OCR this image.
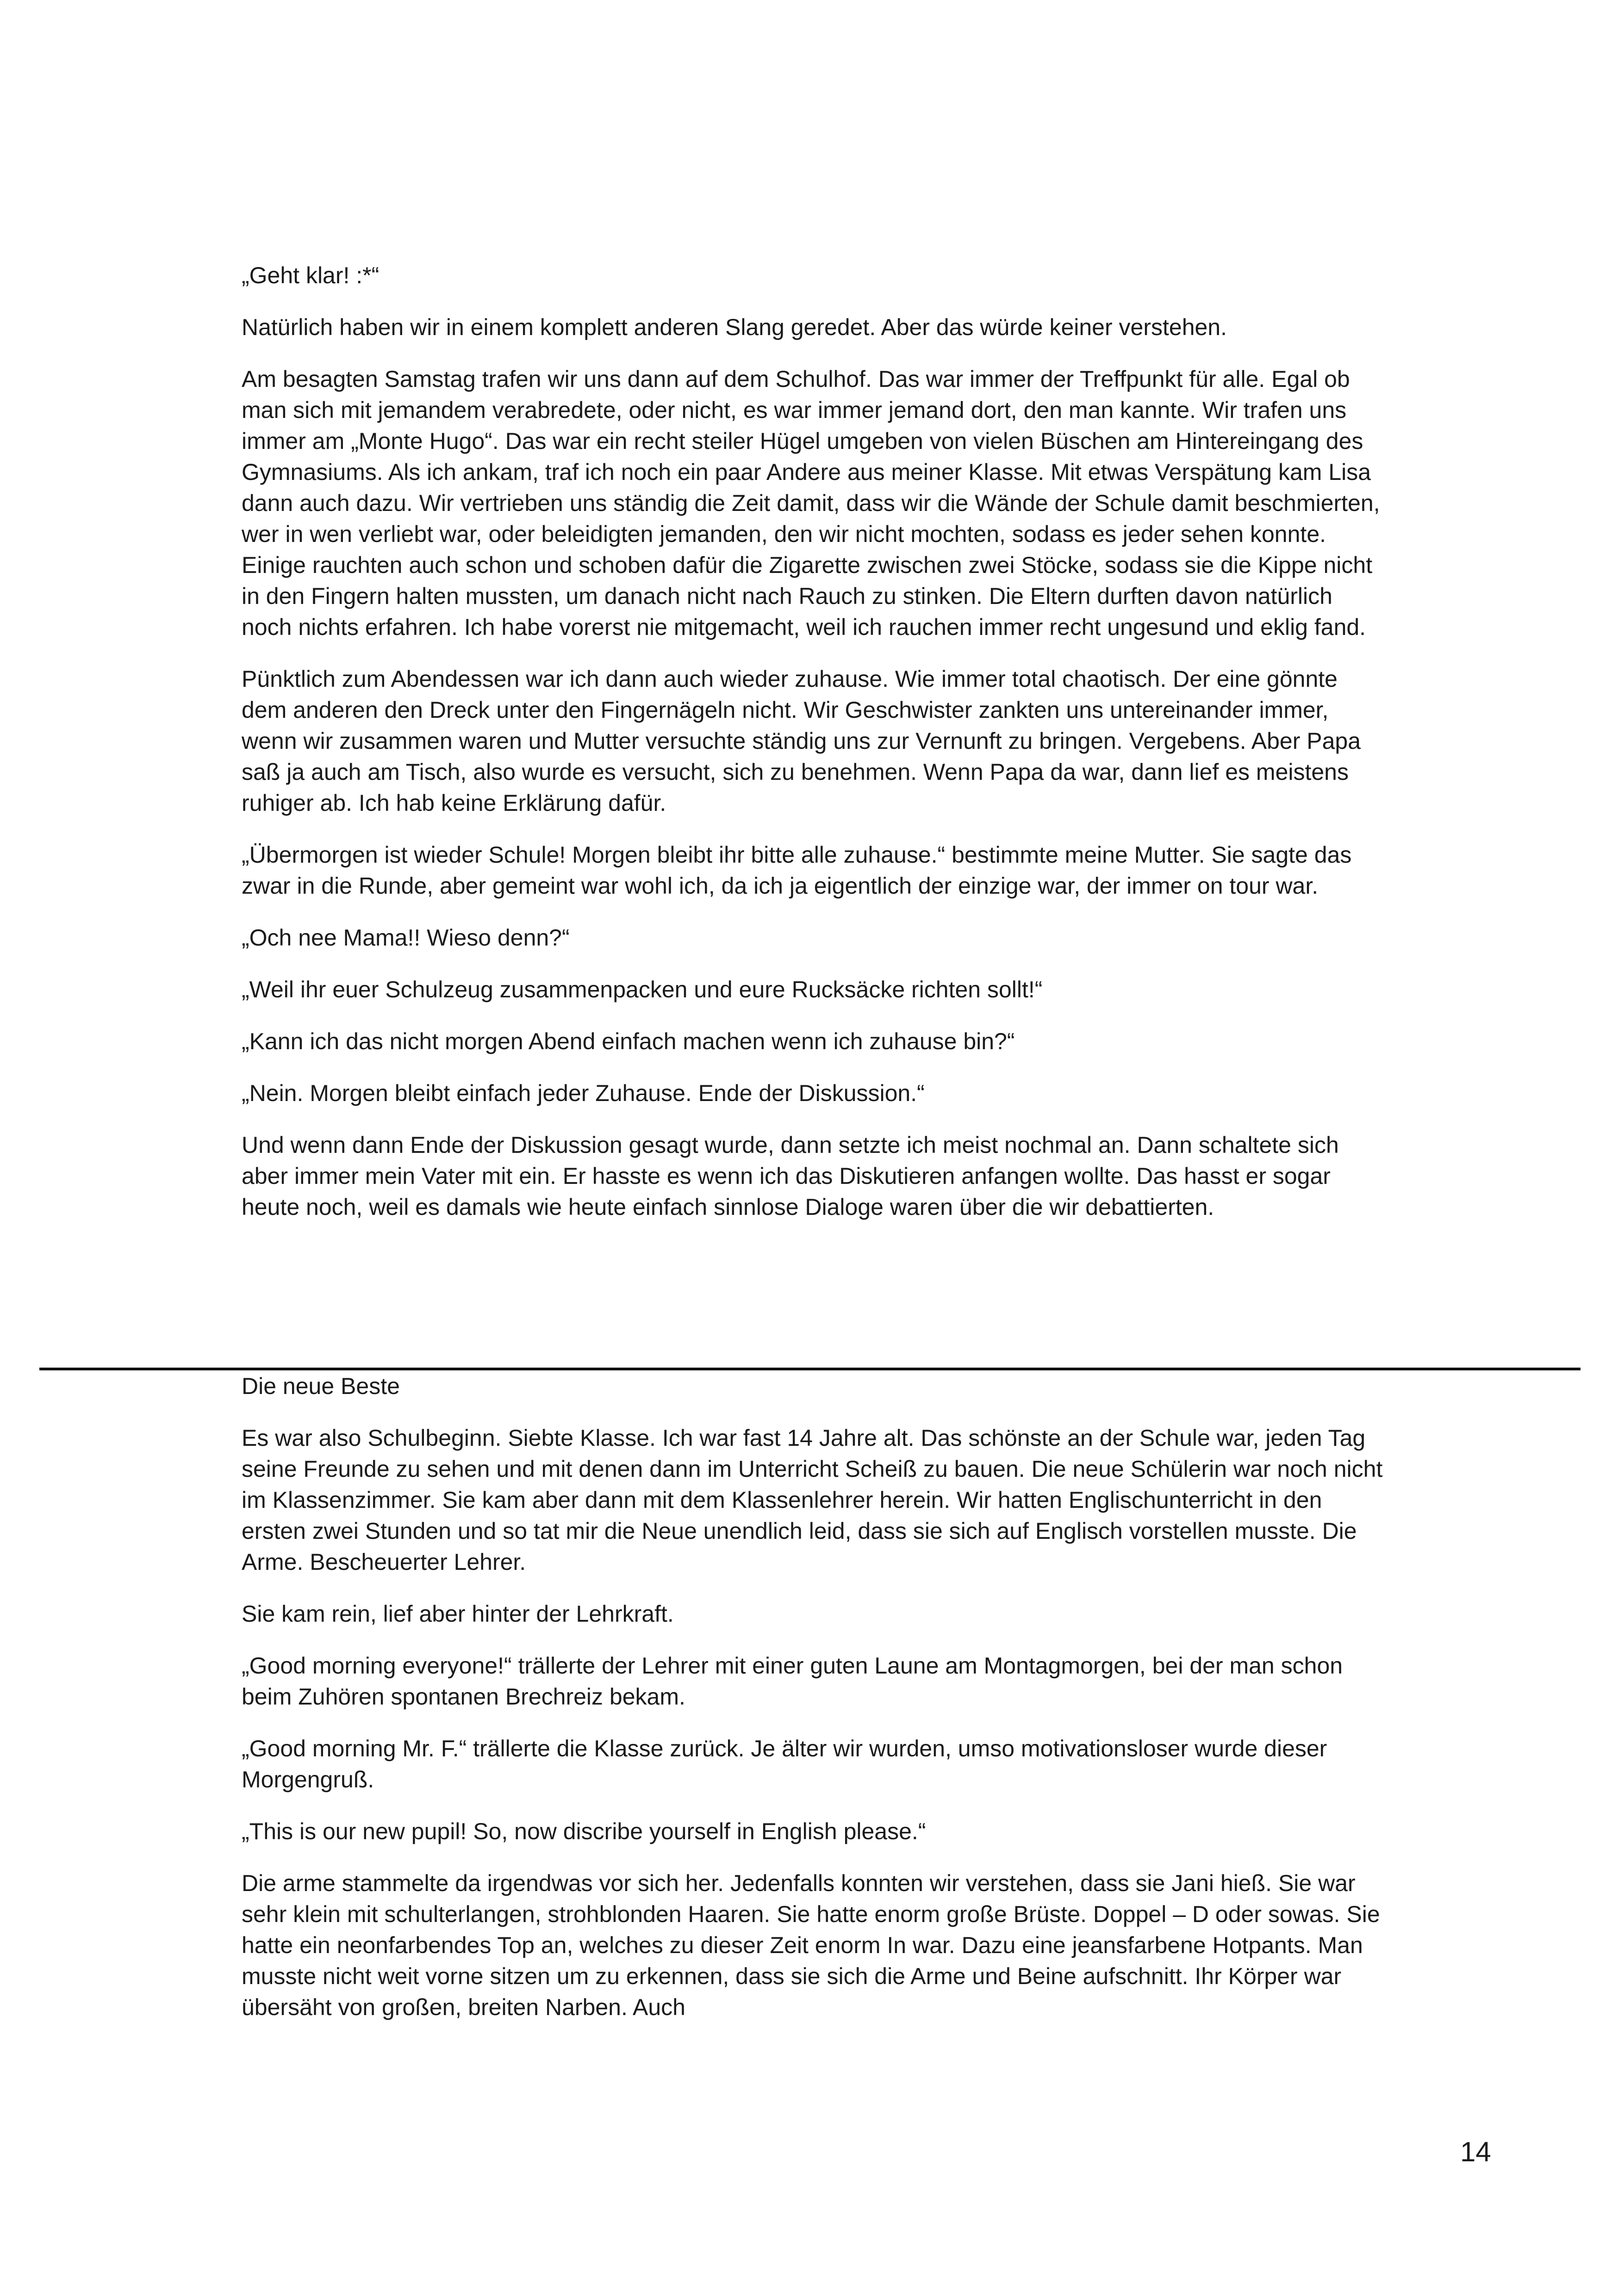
„Geht klar! :*“

Natürlich haben wir in einem komplett anderen Slang geredet. Aber das würde keiner verstehen.

Am besagten Samstag trafen wir uns dann auf dem Schulhof. Das war immer der Treffpunkt für alle. Egal ob man sich mit jemandem verabredete, oder nicht, es war immer jemand dort, den man kannte. Wir trafen uns immer am „Monte Hugo“. Das war ein recht steiler Hügel umgeben von vielen Büschen am Hintereingang des Gymnasiums. Als ich ankam, traf ich noch ein paar Andere aus meiner Klasse. Mit etwas Verspätung kam Lisa dann auch dazu. Wir vertrieben uns ständig die Zeit damit, dass wir die Wände der Schule damit beschmierten, wer in wen verliebt war, oder beleidigten jemanden, den wir nicht mochten, sodass es jeder sehen konnte. Einige rauchten auch schon und schoben dafür die Zigarette zwischen zwei Stöcke, sodass sie die Kippe nicht in den Fingern halten mussten, um danach nicht nach Rauch zu stinken. Die Eltern durften davon natürlich noch nichts erfahren. Ich habe vorerst nie mitgemacht, weil ich rauchen immer recht ungesund und eklig fand.

Pünktlich zum Abendessen war ich dann auch wieder zuhause. Wie immer total chaotisch. Der eine gönnte dem anderen den Dreck unter den Fingernägeln nicht. Wir Geschwister zankten uns untereinander immer, wenn wir zusammen waren und Mutter versuchte ständig uns zur Vernunft zu bringen. Vergebens. Aber Papa saß ja auch am Tisch, also wurde es versucht, sich zu benehmen. Wenn Papa da war, dann lief es meistens ruhiger ab. Ich hab keine Erklärung dafür.

„Übermorgen ist wieder Schule! Morgen bleibt ihr bitte alle zuhause.“ bestimmte meine Mutter. Sie sagte das zwar in die Runde, aber gemeint war wohl ich, da ich ja eigentlich der einzige war, der immer on tour war.

„Och nee Mama!! Wieso denn?“

„Weil ihr euer Schulzeug zusammenpacken und eure Rucksäcke richten sollt!“

„Kann ich das nicht morgen Abend einfach machen wenn ich zuhause bin?“

„Nein. Morgen bleibt einfach jeder Zuhause. Ende der Diskussion.“

Und wenn dann Ende der Diskussion gesagt wurde, dann setzte ich meist nochmal an. Dann schaltete sich aber immer mein Vater mit ein. Er hasste es wenn ich das Diskutieren anfangen wollte. Das hasst er sogar heute noch, weil es damals wie heute einfach sinnlose Dialoge waren über die wir debattierten.

Die neue Beste

Es war also Schulbeginn. Siebte Klasse. Ich war fast 14 Jahre alt. Das schönste an der Schule war, jeden Tag seine Freunde zu sehen und mit denen dann im Unterricht Scheiß zu bauen. Die neue Schülerin war noch nicht im Klassenzimmer. Sie kam aber dann mit dem Klassenlehrer herein. Wir hatten Englischunterricht in den ersten zwei Stunden und so tat mir die Neue unendlich leid, dass sie sich auf Englisch vorstellen musste. Die Arme. Bescheuerter Lehrer.

Sie kam rein, lief aber hinter der Lehrkraft.

„Good morning everyone!“ trällerte der Lehrer mit einer guten Laune am Montagmorgen, bei der man schon beim Zuhören spontanen Brechreiz bekam.

„Good morning Mr. F.“ trällerte die Klasse zurück. Je älter wir wurden, umso motivationsloser wurde dieser Morgengruß.

„This is our new pupil! So, now discribe yourself in English please.“

Die arme stammelte da irgendwas vor sich her. Jedenfalls konnten wir verstehen, dass sie Jani hieß. Sie war sehr klein mit schulterlangen, strohblonden Haaren. Sie hatte enorm große Brüste. Doppel – D oder sowas. Sie hatte ein neonfarbendes Top an, welches zu dieser Zeit enorm In war. Dazu eine jeansfarbene Hotpants. Man musste nicht weit vorne sitzen um zu erkennen, dass sie sich die Arme und Beine aufschnitt. Ihr Körper war übersäht von großen, breiten Narben. Auch

14
